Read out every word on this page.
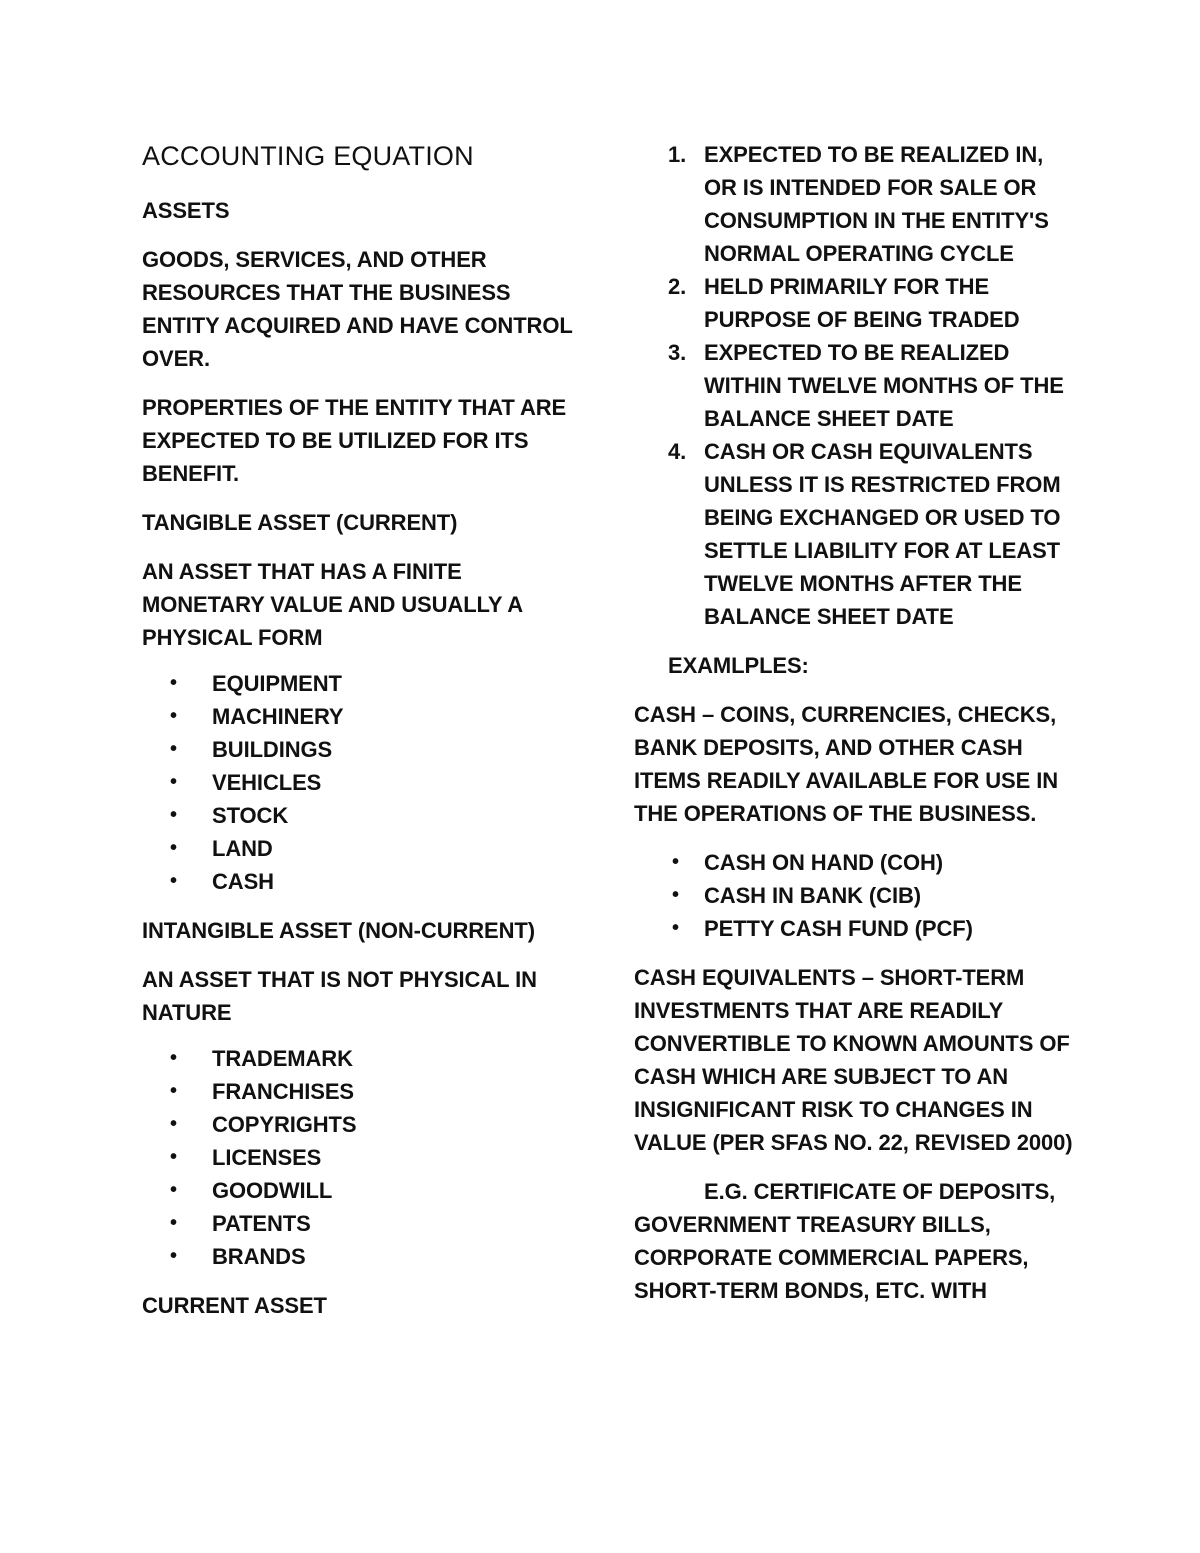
ACCOUNTING EQUATION
ASSETS
GOODS, SERVICES, AND OTHER RESOURCES THAT THE BUSINESS ENTITY ACQUIRED AND HAVE CONTROL OVER.
PROPERTIES OF THE ENTITY THAT ARE EXPECTED TO BE UTILIZED FOR ITS BENEFIT.
TANGIBLE ASSET (CURRENT)
AN ASSET THAT HAS A FINITE MONETARY VALUE AND USUALLY A PHYSICAL FORM
• EQUIPMENT
• MACHINERY
• BUILDINGS
• VEHICLES
• STOCK
• LAND
• CASH
INTANGIBLE ASSET (NON-CURRENT)
AN ASSET THAT IS NOT PHYSICAL IN NATURE
• TRADEMARK
• FRANCHISES
• COPYRIGHTS
• LICENSES
• GOODWILL
• PATENTS
• BRANDS
CURRENT ASSET
1. EXPECTED TO BE REALIZED IN, OR IS INTENDED FOR SALE OR CONSUMPTION IN THE ENTITY'S NORMAL OPERATING CYCLE
2. HELD PRIMARILY FOR THE PURPOSE OF BEING TRADED
3. EXPECTED TO BE REALIZED WITHIN TWELVE MONTHS OF THE BALANCE SHEET DATE
4. CASH OR CASH EQUIVALENTS UNLESS IT IS RESTRICTED FROM BEING EXCHANGED OR USED TO SETTLE LIABILITY FOR AT LEAST TWELVE MONTHS AFTER THE BALANCE SHEET DATE
EXAMLPLES:
CASH – COINS, CURRENCIES, CHECKS, BANK DEPOSITS, AND OTHER CASH ITEMS READILY AVAILABLE FOR USE IN THE OPERATIONS OF THE BUSINESS.
• CASH ON HAND (COH)
• CASH IN BANK (CIB)
• PETTY CASH FUND (PCF)
CASH EQUIVALENTS – SHORT-TERM INVESTMENTS THAT ARE READILY CONVERTIBLE TO KNOWN AMOUNTS OF CASH WHICH ARE SUBJECT TO AN INSIGNIFICANT RISK TO CHANGES IN VALUE (PER SFAS NO. 22, REVISED 2000)
E.G. CERTIFICATE OF DEPOSITS, GOVERNMENT TREASURY BILLS, CORPORATE COMMERCIAL PAPERS, SHORT-TERM BONDS, ETC. WITH
